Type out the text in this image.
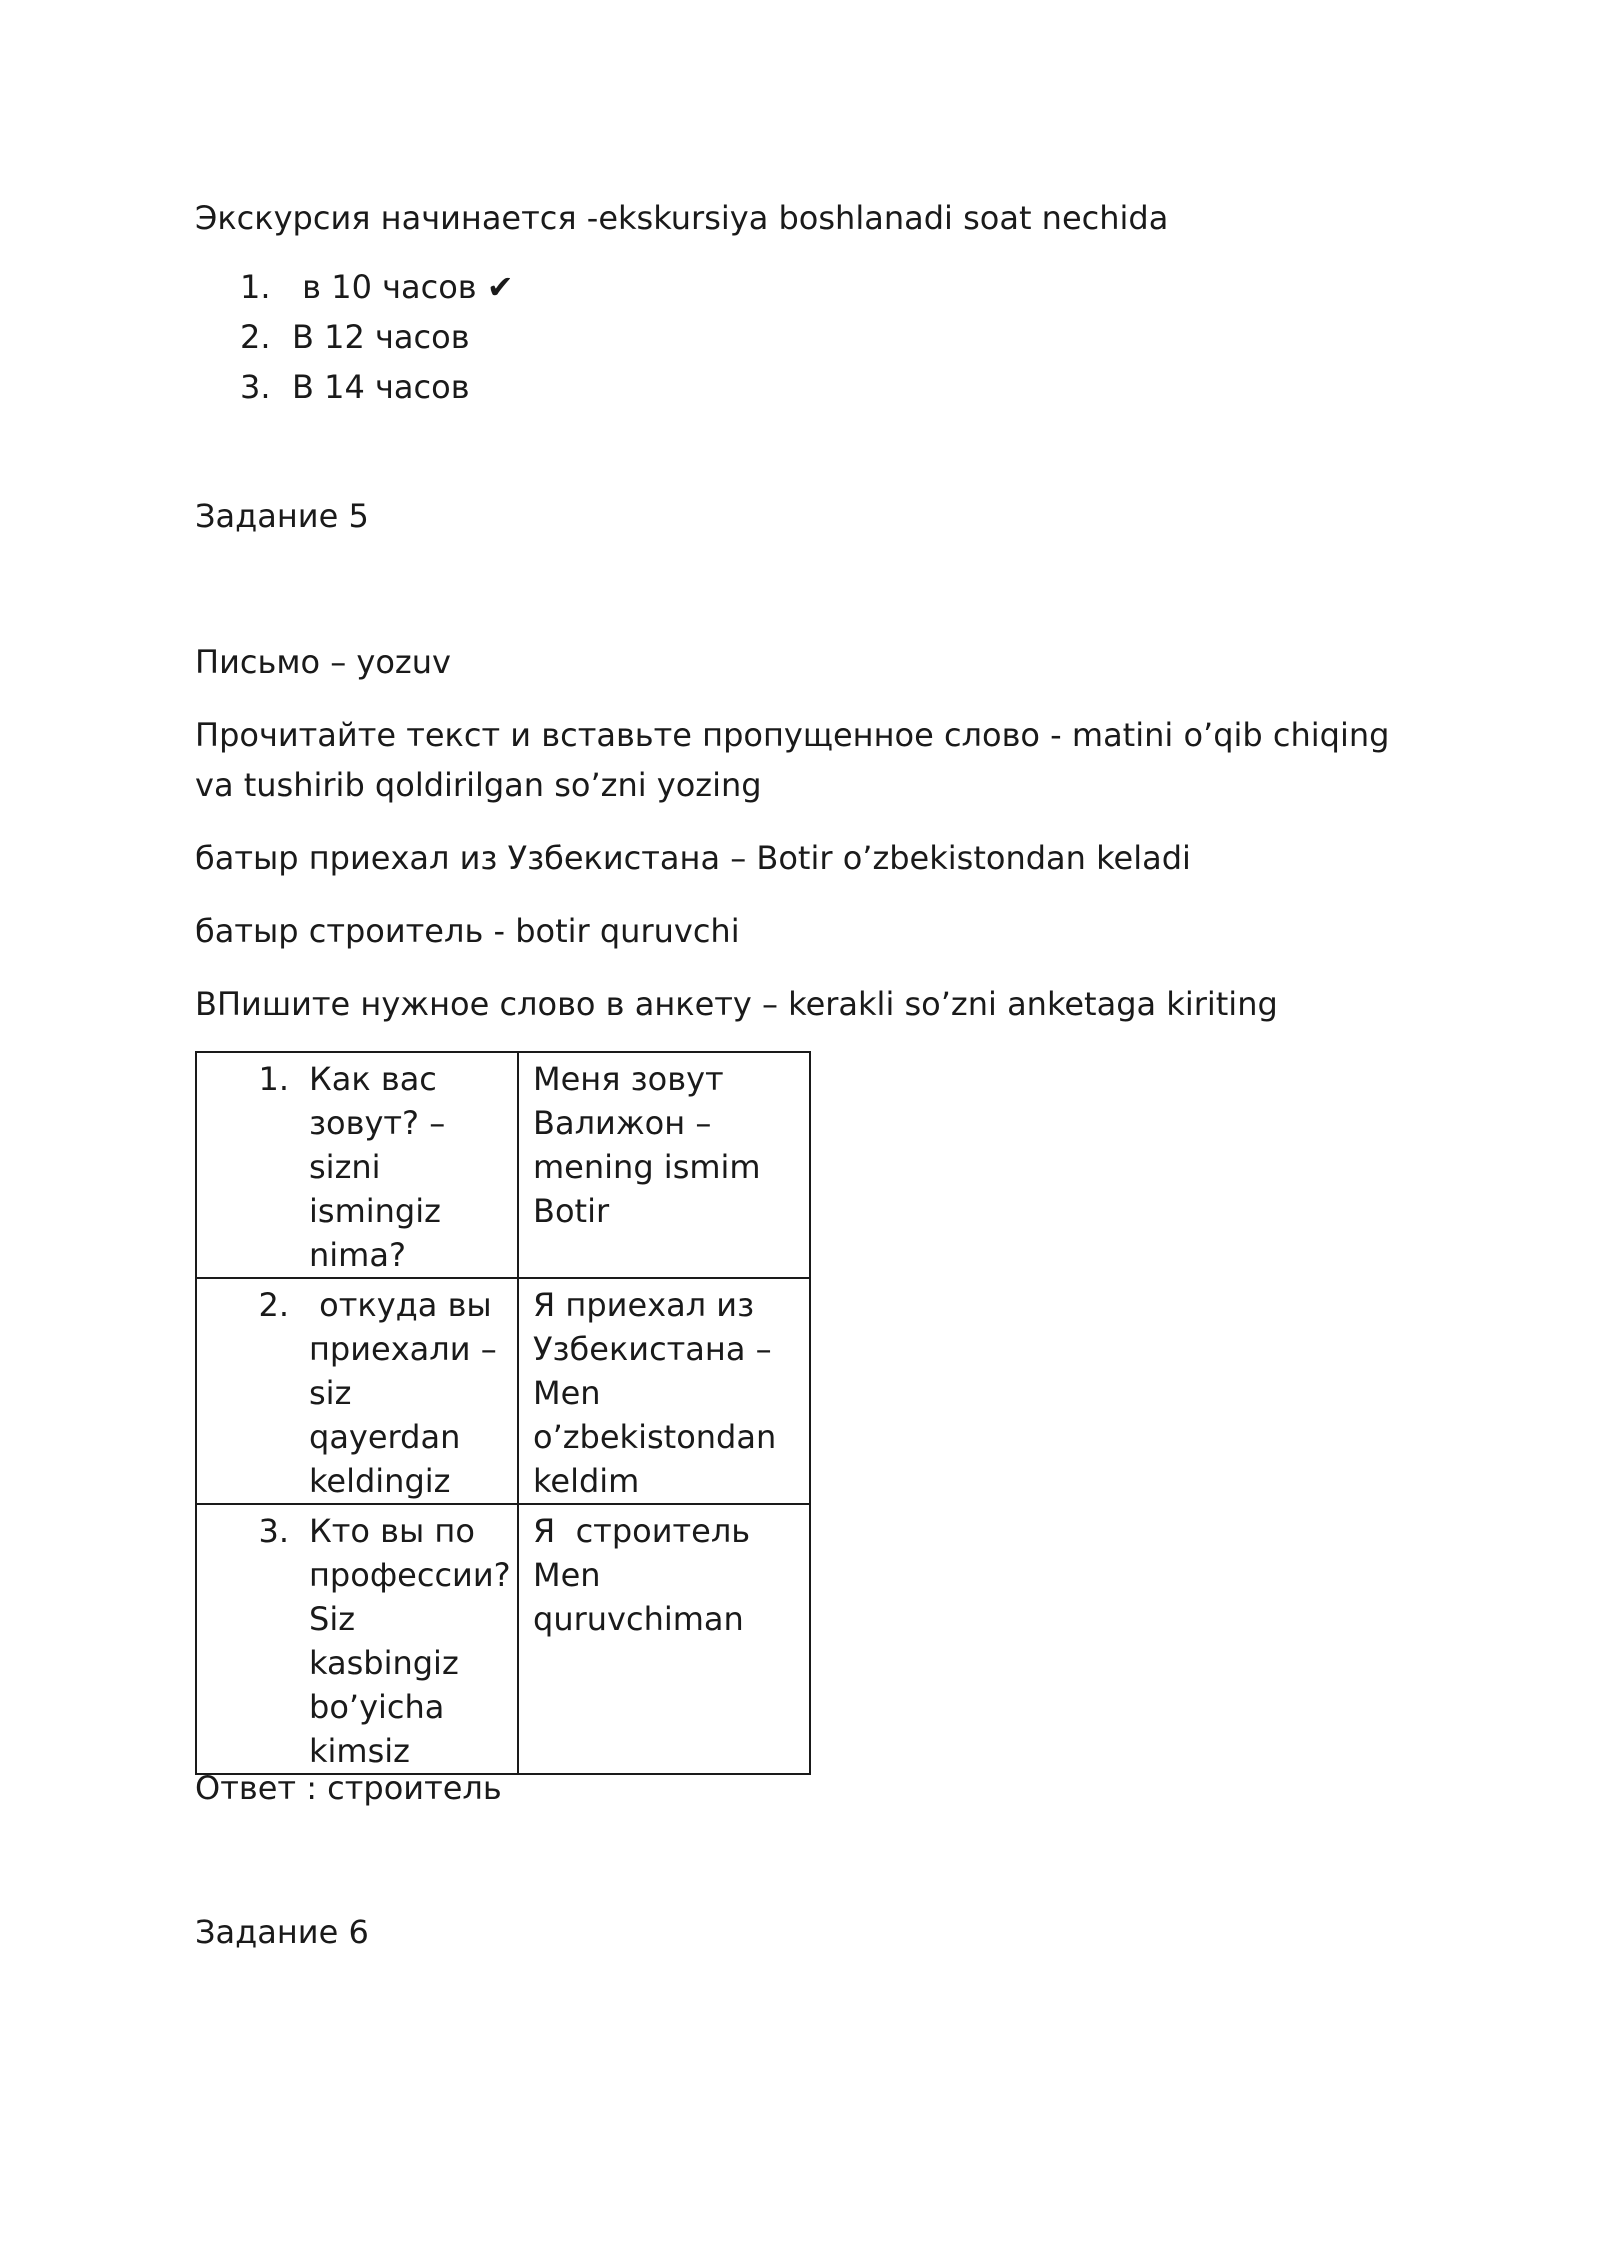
Экскурсия начинается -ekskursiya boshlanadi soat nechida
1. в 10 часов ✔
2. В 12 часов
3. В 14 часов
Задание 5
Письмо – yozuv
Прочитайте текст и вставьте пропущенное слово - matini o’qib chiqing va tushirib qoldirilgan so’zni yozing
батыр приехал из Узбекистана – Botir o’zbekistondan keladi
батыр строитель - botir quruvchi
ВПишите нужное слово в анкету – kerakli so’zni anketaga kiriting
1. Как вас зовут? – sizni ismingiz nima?	Меня зовут Валижон – mening ismim Botir

2. откуда вы приехали – siz qayerdan keldingiz	Я приехал из Узбекистана – Men o’zbekistondan keldim

3. Кто вы по профессии? Siz kasbingiz bo’yicha kimsiz	Я  строитель Men quruvchiman
Ответ : строитель
Задание 6
